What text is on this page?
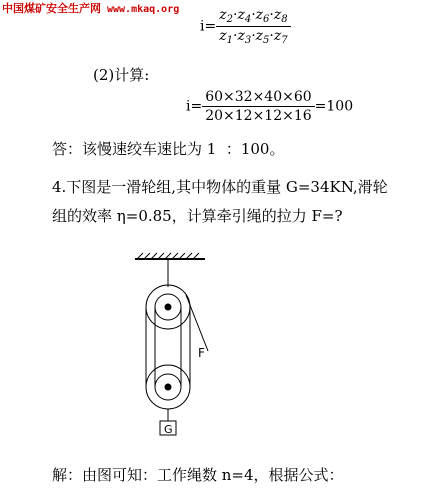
中国煤矿安全生产网 www.mkaq.org
$i= \frac{z_2\cdot z_4\cdot z_6\cdot z_8}{z_1\cdot z_3\cdot z_5\cdot z_7}$
(2)计算:
$i= \frac{60\times 32\times 40\times 60}{20\times 12\times 12\times 16} =100$
答：该慢速绞车速比为 1  ：100。
4.下图是一滑轮组,其中物体的重量 G=34KN,滑轮
组的效率 η=0.85，计算牵引绳的拉力 F=?
F
G
解：由图可知：工作绳数 n=4，根据公式：
